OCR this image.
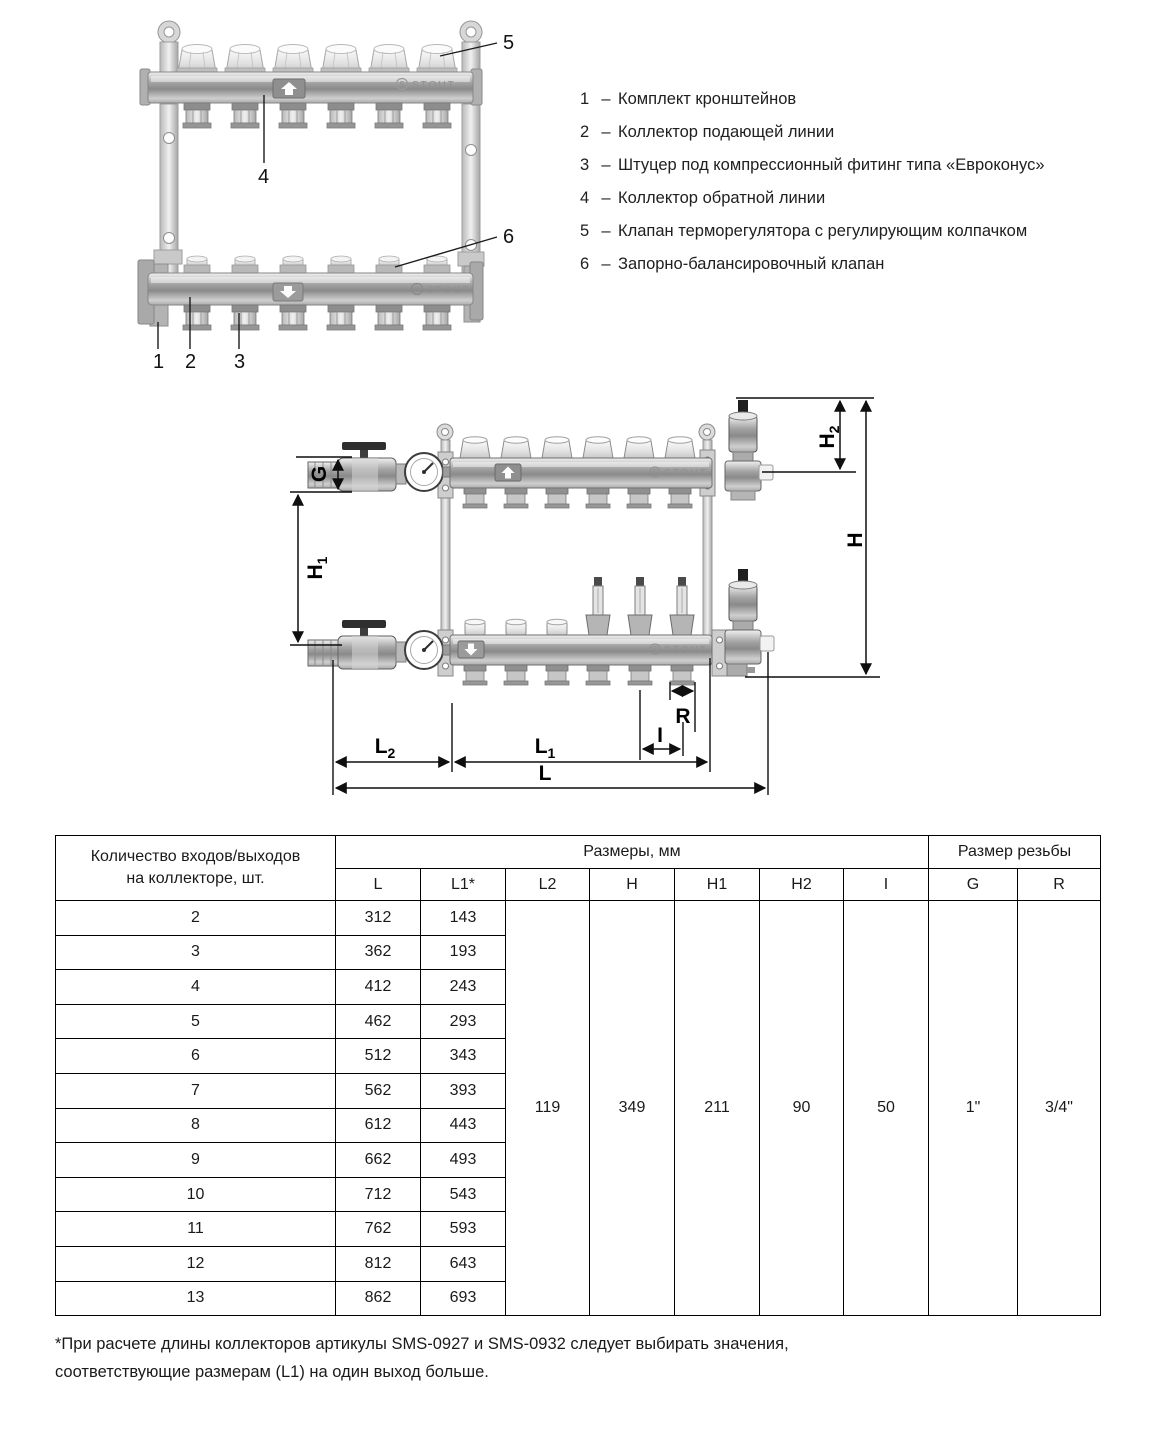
S STOUT
S STOUT
5
4
6
1 2 3
1 – Комплект кронштейнов
2 – Коллектор подающей линии
3 – Штуцер под компрессионный фитинг типа «Евроконус»
4 – Коллектор обратной линии
5 – Клапан терморегулятора с регулирующим колпачком
6 – Запорно-балансировочный клапан
S STOUT
S STOUT
G
$H_1$
$H_2$
H
$L_2$	$L_1$
I
R
L
Количество входов/выходов
на коллекторе, шт.	Размеры, мм							Размер резьбы	
	L	L1*	L2	H	H1	H2	I	G	R
2	312	143	119	349	211	90	50	1"	3/4"
3	362	193							
4	412	243							
5	462	293							
6	512	343							
7	562	393							
8	612	443							
9	662	493							
10	712	543							
11	762	593							
12	812	643							
13	862	693							
*При расчете длины коллекторов артикулы SMS-0927 и SMS-0932 следует выбирать значения, соответствующие размерам (L1) на один выход больше.
